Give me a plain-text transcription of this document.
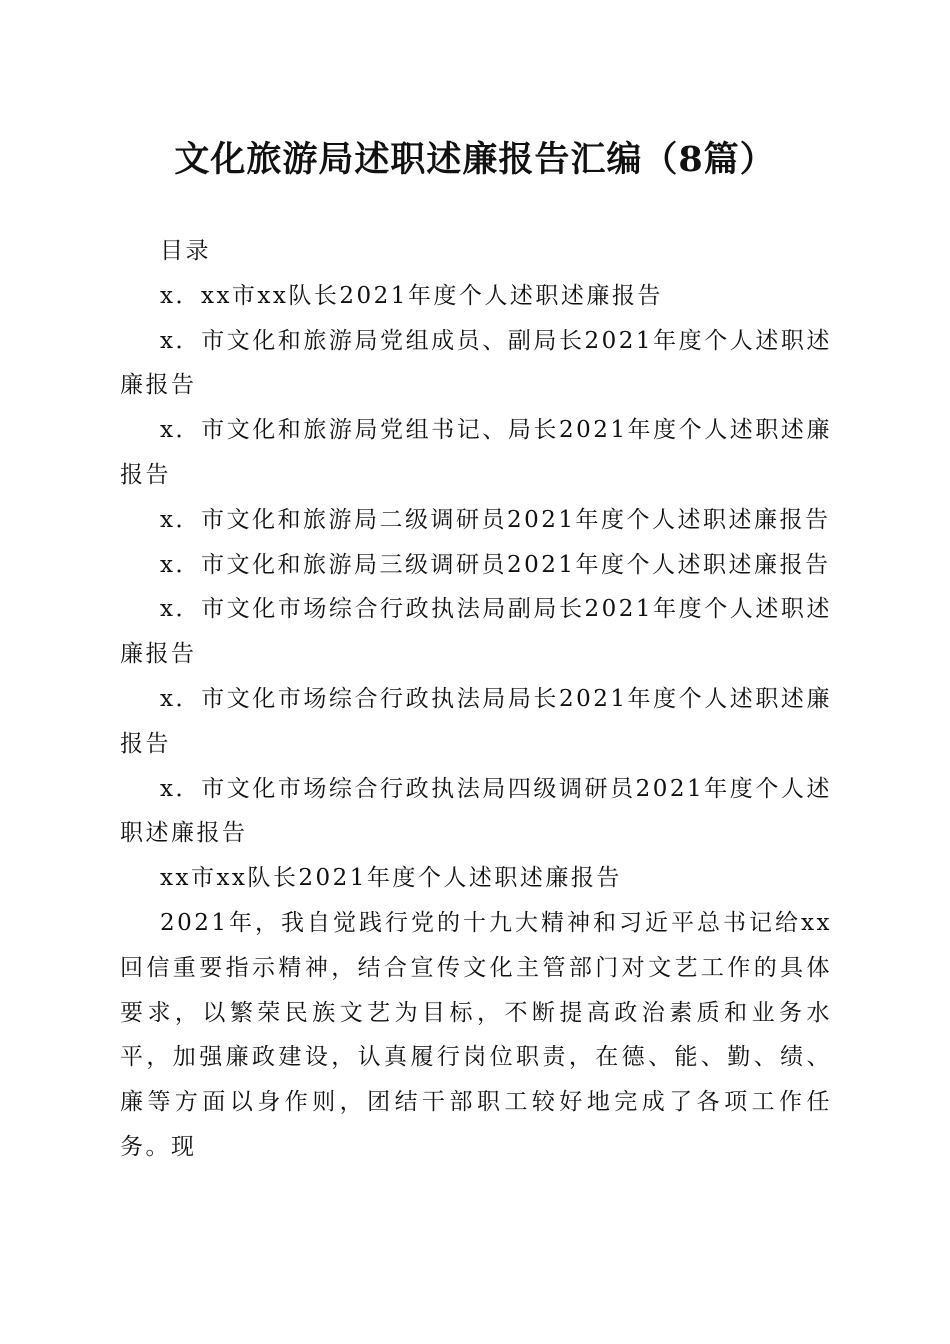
文化旅游局述职述廉报告汇编（8篇）

目录

x．xx市xx队长2021年度个人述职述廉报告

x．市文化和旅游局党组成员、副局长2021年度个人述职述廉报告

x．市文化和旅游局党组书记、局长2021年度个人述职述廉报告

x．市文化和旅游局二级调研员2021年度个人述职述廉报告

x．市文化和旅游局三级调研员2021年度个人述职述廉报告

x．市文化市场综合行政执法局副局长2021年度个人述职述廉报告

x．市文化市场综合行政执法局局长2021年度个人述职述廉报告

x．市文化市场综合行政执法局四级调研员2021年度个人述职述廉报告

xx市xx队长2021年度个人述职述廉报告

2021年，我自觉践行党的十九大精神和习近平总书记给xx回信重要指示精神，结合宣传文化主管部门对文艺工作的具体要求，以繁荣民族文艺为目标，不断提高政治素质和业务水平，加强廉政建设，认真履行岗位职责，在德、能、勤、绩、廉等方面以身作则，团结干部职工较好地完成了各项工作任务。现
